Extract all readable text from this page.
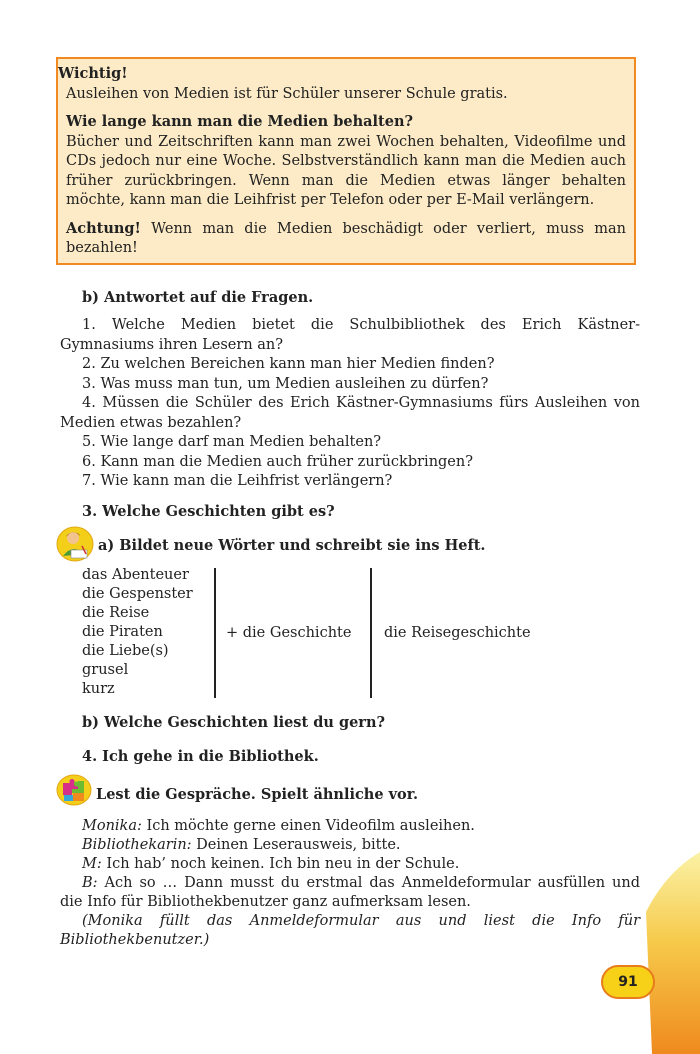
Wichtig!

Ausleihen von Medien ist für Schüler unserer Schule gratis.

Wie lange kann man die Medien behalten?

Bücher und Zeitschriften kann man zwei Wochen behalten, Videofilme und CDs jedoch nur eine Woche. Selbstverständlich kann man die Medien auch früher zurückbringen. Wenn man die Medien etwas länger behalten möchte, kann man die Leihfrist per Telefon oder per E-Mail verlängern.

Achtung! Wenn man die Medien beschädigt oder verliert, muss man bezahlen!

b) Antwortet auf die Fragen.

1. Welche Medien bietet die Schulbibliothek des Erich Kästner-Gymnasiums ihren Lesern an?

2. Zu welchen Bereichen kann man hier Medien finden?

3. Was muss man tun, um Medien ausleihen zu dürfen?

4. Müssen die Schüler des Erich Kästner-Gymnasiums fürs Ausleihen von Medien etwas bezahlen?

5. Wie lange darf man Medien behalten?

6. Kann man die Medien auch früher zurückbringen?

7. Wie kann man die Leihfrist verlängern?

3. Welche Geschichten gibt es?

a) Bildet neue Wörter und schreibt sie ins Heft.

das Abenteuer
die Gespenster
die Reise
die Piraten
die Liebe(s)
grusel
kurz
+ die Geschichte die Reisegeschichte

b) Welche Geschichten liest du gern?

4. Ich gehe in die Bibliothek.

Lest die Gespräche. Spielt ähnliche vor.

Monika: Ich möchte gerne einen Videofilm ausleihen.

Bibliothekarin: Deinen Leserausweis, bitte.

M: Ich hab’ noch keinen. Ich bin neu in der Schule.

B: Ach so … Dann musst du erstmal das Anmeldeformular ausfüllen und die Info für Bibliothekbenutzer ganz aufmerksam lesen.

(Monika füllt das Anmeldeformular aus und liest die Info für Bibliothekbenutzer.)

91
